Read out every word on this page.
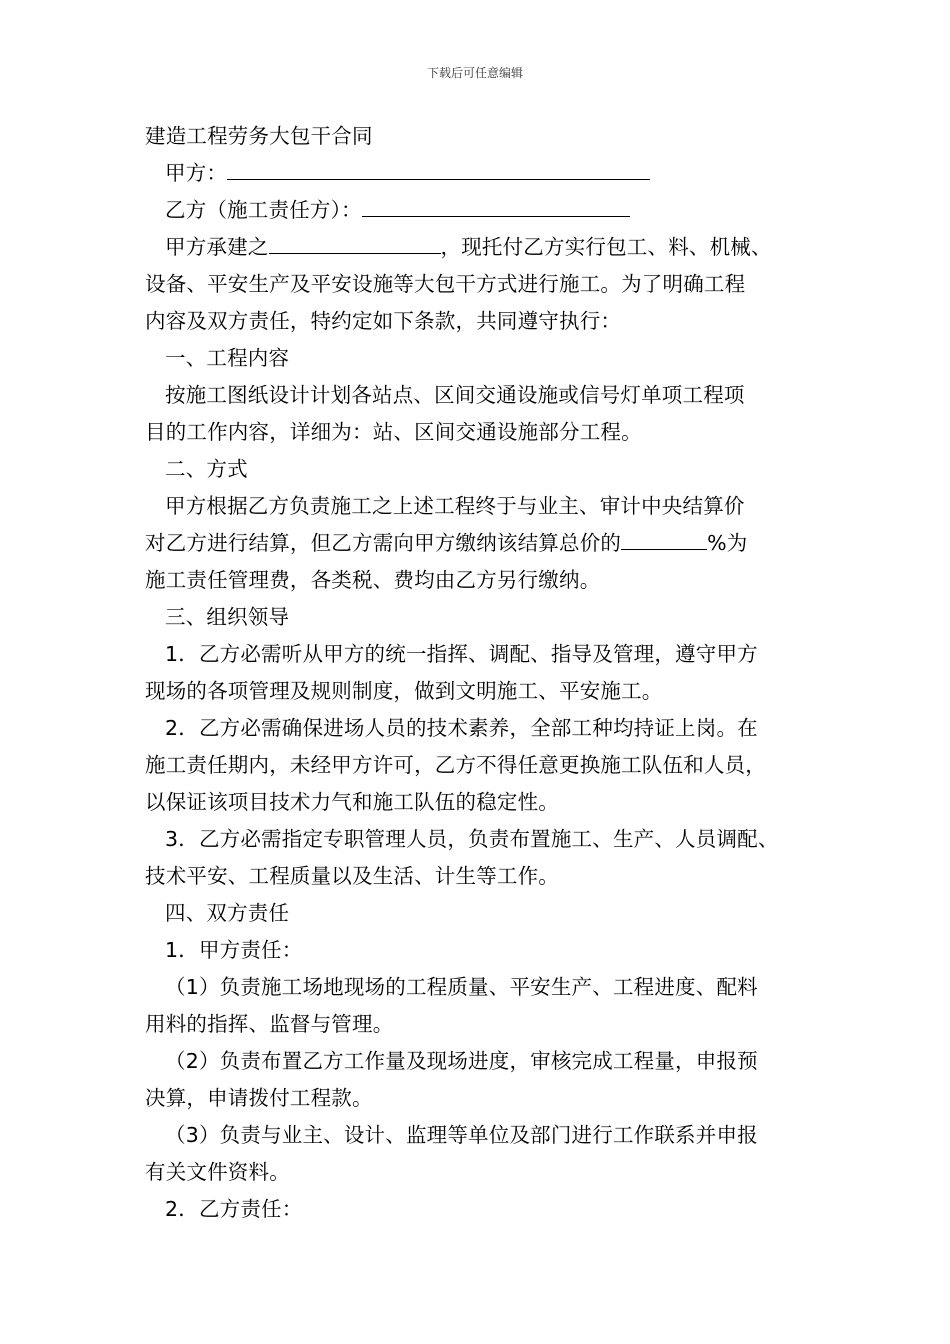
下载后可任意编辑
建造工程劳务大包干合同
甲方：
乙方（施工责任方）：
甲方承建之	，现托付乙方实行包工、料、机械、
设备、平安生产及平安设施等大包干方式进行施工。为了明确工程
内容及双方责任，特约定如下条款，共同遵守执行：
一、工程内容
按施工图纸设计计划各站点、区间交通设施或信号灯单项工程项
目的工作内容，详细为：站、区间交通设施部分工程。
二、方式
甲方根据乙方负责施工之上述工程终于与业主、审计中央结算价
对乙方进行结算，但乙方需向甲方缴纳该结算总价的	%为
施工责任管理费，各类税、费均由乙方另行缴纳。
三、组织领导
1．乙方必需听从甲方的统一指挥、调配、指导及管理，遵守甲方
现场的各项管理及规则制度，做到文明施工、平安施工。
2．乙方必需确保进场人员的技术素养，全部工种均持证上岗。在
施工责任期内，未经甲方许可，乙方不得任意更换施工队伍和人员，
以保证该项目技术力气和施工队伍的稳定性。
3．乙方必需指定专职管理人员，负责布置施工、生产、人员调配、
技术平安、工程质量以及生活、计生等工作。
四、双方责任
1．甲方责任：
（1）负责施工场地现场的工程质量、平安生产、工程进度、配料
用料的指挥、监督与管理。
（2）负责布置乙方工作量及现场进度，审核完成工程量，申报预
决算，申请拨付工程款。
（3）负责与业主、设计、监理等单位及部门进行工作联系并申报
有关文件资料。
2．乙方责任：
